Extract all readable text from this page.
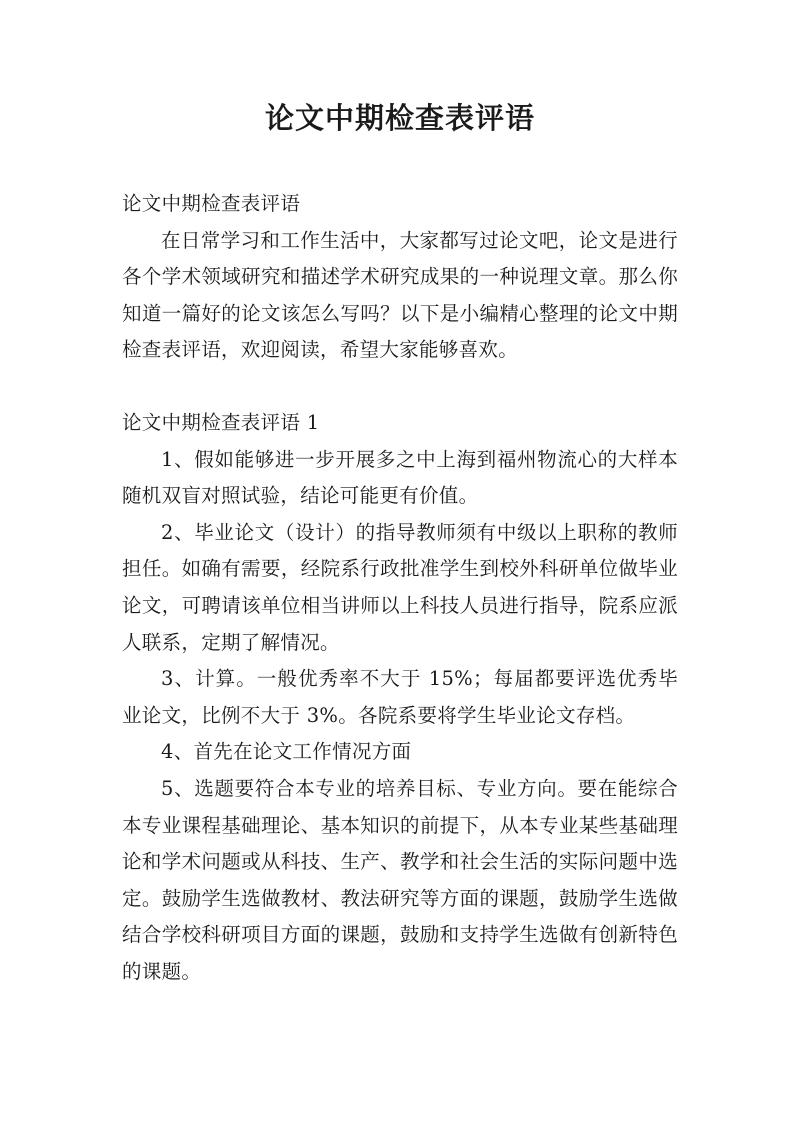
论文中期检查表评语

论文中期检查表评语

在日常学习和工作生活中，大家都写过论文吧，论文是进行各个学术领域研究和描述学术研究成果的一种说理文章。那么你知道一篇好的论文该怎么写吗？以下是小编精心整理的论文中期检查表评语，欢迎阅读，希望大家能够喜欢。

论文中期检查表评语 1

1、假如能够进一步开展多之中上海到福州物流心的大样本随机双盲对照试验，结论可能更有价值。

2、毕业论文（设计）的指导教师须有中级以上职称的教师担任。如确有需要，经院系行政批准学生到校外科研单位做毕业论文，可聘请该单位相当讲师以上科技人员进行指导，院系应派人联系，定期了解情况。

3、计算。一般优秀率不大于 15%；每届都要评选优秀毕业论文，比例不大于 3%。各院系要将学生毕业论文存档。

4、首先在论文工作情况方面

5、选题要符合本专业的培养目标、专业方向。要在能综合本专业课程基础理论、基本知识的前提下，从本专业某些基础理论和学术问题或从科技、生产、教学和社会生活的实际问题中选定。鼓励学生选做教材、教法研究等方面的课题，鼓励学生选做结合学校科研项目方面的课题，鼓励和支持学生选做有创新特色的课题。
